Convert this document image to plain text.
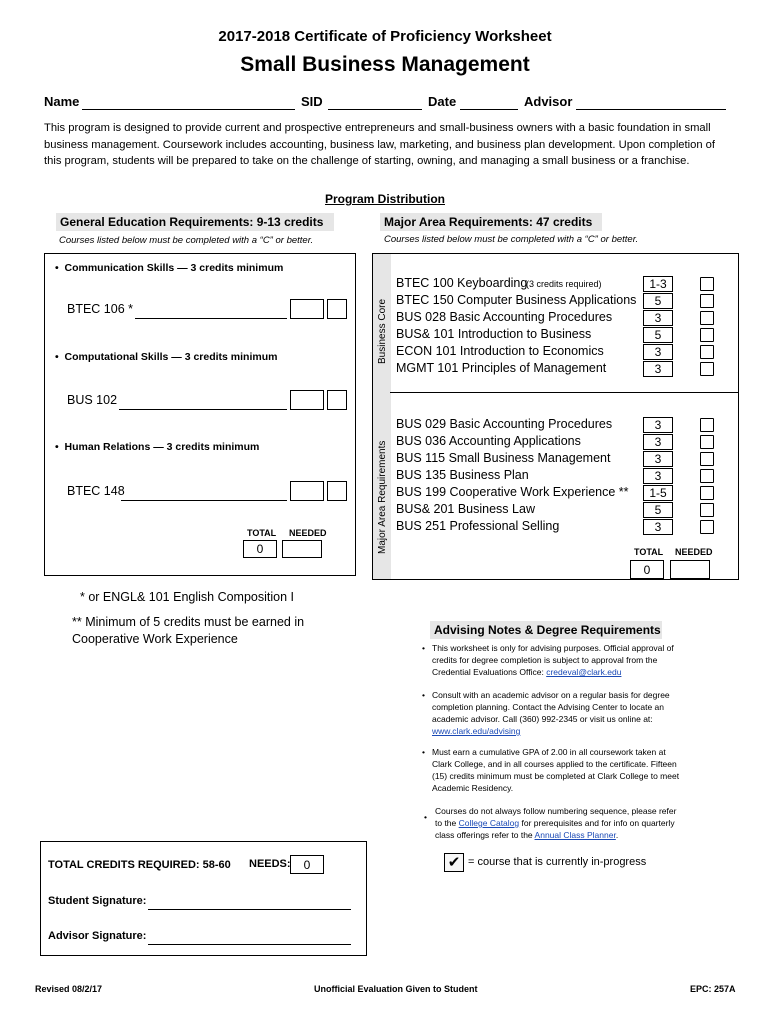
2017-2018 Certificate of Proficiency Worksheet
Small Business Management
Name	SID	Date	Advisor
This program is designed to provide current and prospective entrepreneurs and small-business owners with a basic foundation in small business management. Coursework includes accounting, business law, marketing, and business plan development. Upon completion of this program, students will be prepared to take on the challenge of starting, owning, and managing a small business or a franchise.
Program Distribution
General Education Requirements: 9-13 credits
Courses listed below must be completed with a “C” or better.
•  Communication Skills — 3 credits minimum
BTEC 106 *
•  Computational Skills — 3 credits minimum
BUS 102
•  Human Relations — 3 credits minimum
BTEC 148
TOTAL NEEDED
0
Major Area Requirements: 47 credits
Courses listed below must be completed with a “C” or better.
Business Core
Major Area Requirements
BTEC 100 Keyboarding
(3 credits required)	1-3
BTEC 150 Computer Business Applications	5
BUS 028 Basic Accounting Procedures	3
BUS& 101 Introduction to Business	5
ECON 101 Introduction to Economics	3
MGMT 101 Principles of Management	3
BUS 029 Basic Accounting Procedures	3
BUS 036 Accounting Applications	3
BUS 115 Small Business Management	3
BUS 135 Business Plan	3
BUS 199 Cooperative Work Experience **	1-5
BUS& 201 Business Law	5
BUS 251 Professional Selling	3
TOTAL NEEDED
0
* or ENGL& 101 English Composition I
** Minimum of 5 credits must be earned in
Cooperative Work Experience
Advising Notes & Degree Requirements
• This worksheet is only for advising purposes. Official approval of credits for degree completion is subject to approval from the Credential Evaluations Office: credeval@clark.edu
• Consult with an academic advisor on a regular basis for degree completion planning. Contact the Advising Center to locate an academic advisor. Call (360) 992-2345 or visit us online at: www.clark.edu/advising
• Must earn a cumulative GPA of 2.00 in all coursework taken at Clark College, and in all courses applied to the certificate. Fifteen (15) credits minimum must be completed at Clark College to meet Academic Residency.
•
Courses do not always follow numbering sequence, please refer to the College Catalog for prerequisites and for info on quarterly class offerings refer to the Annual Class Planner.
✔ = course that is currently in-progress
TOTAL CREDITS REQUIRED: 58-60 NEEDS:	0
Student Signature:
Advisor Signature:
Revised 08/2/17	Unofficial Evaluation Given to Student	EPC: 257A
